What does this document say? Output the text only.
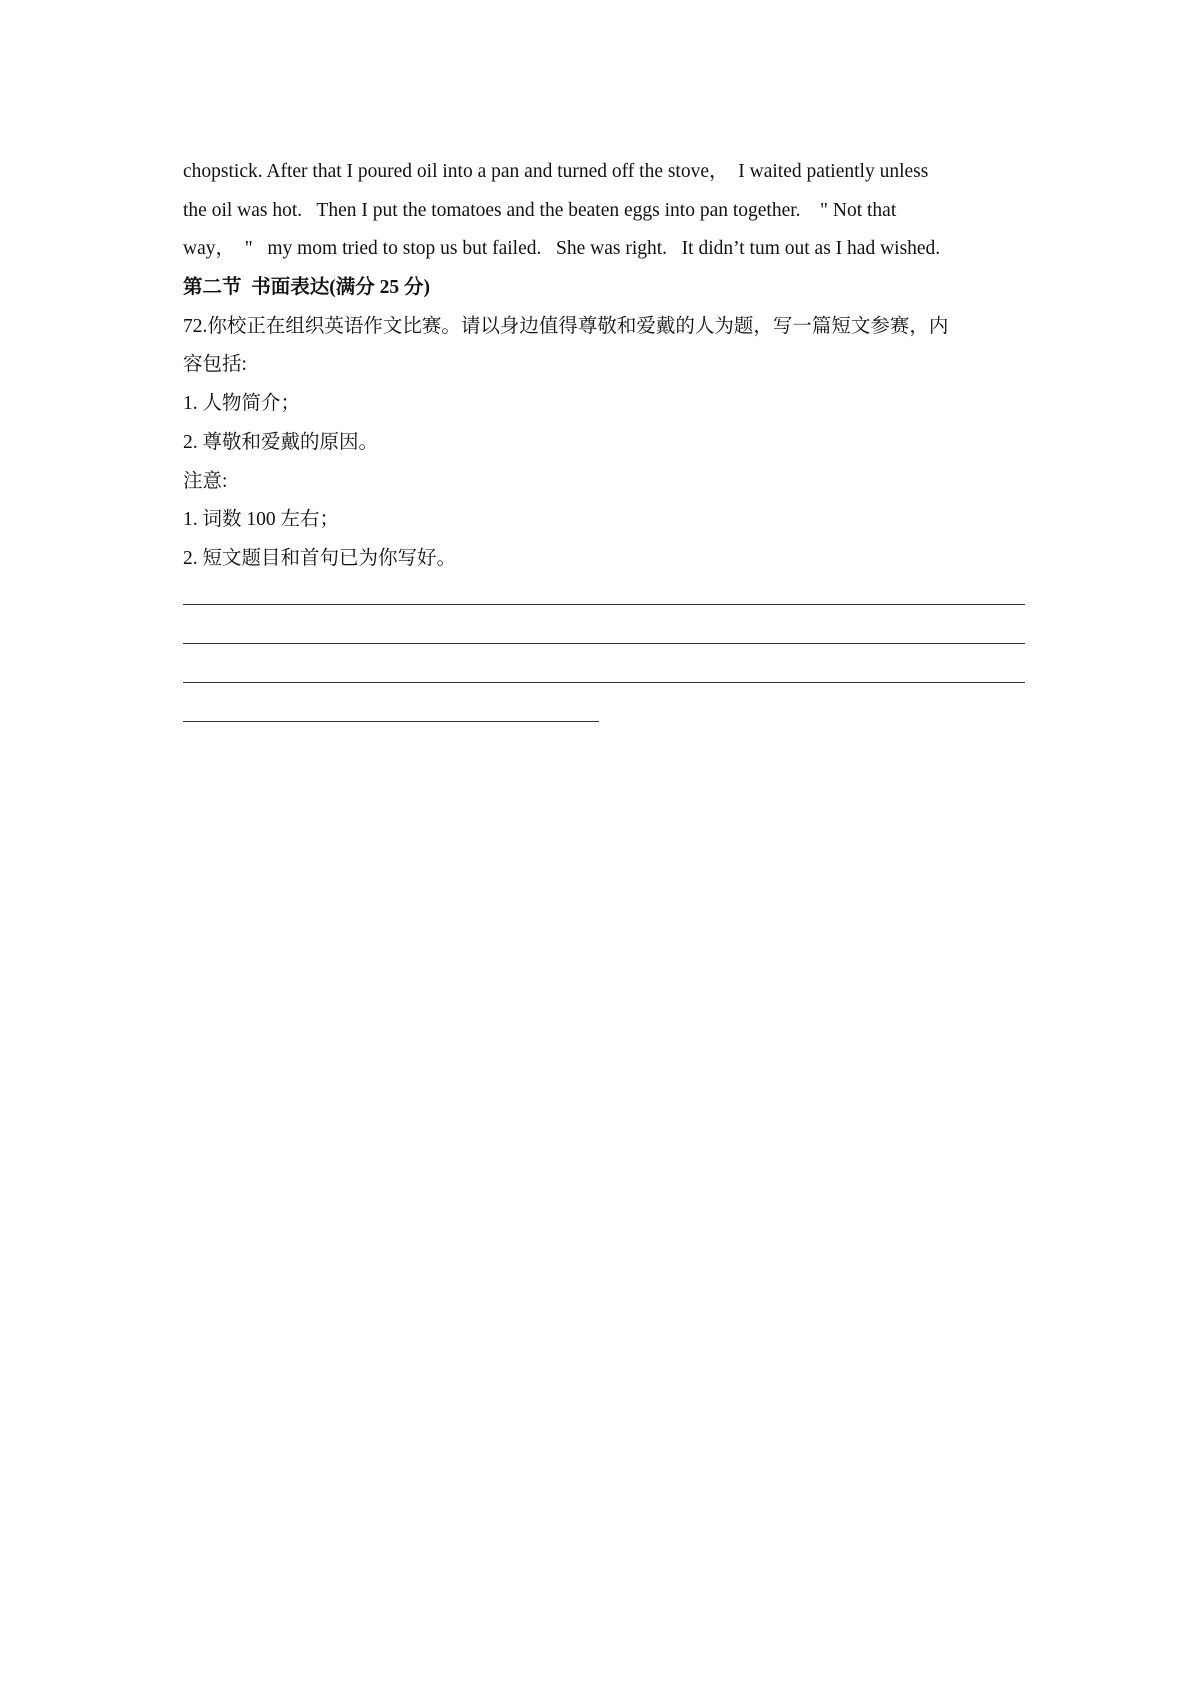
chopstick. After that I poured oil into a pan and turned off the stove，  I waited patiently unless
the oil was hot.   Then I put the tomatoes and the beaten eggs into pan together.    " Not that
way，  "   my mom tried to stop us but failed.   She was right.   It didn’t tum out as I had wished.
第二节  书面表达(满分 25 分)
72.你校正在组织英语作文比赛。请以身边值得尊敬和爱戴的人为题，写一篇短文参赛，内
容包括:
1. 人物简介；
2. 尊敬和爱戴的原因。
注意:
1. 词数 100 左右；
2. 短文题目和首句已为你写好。
